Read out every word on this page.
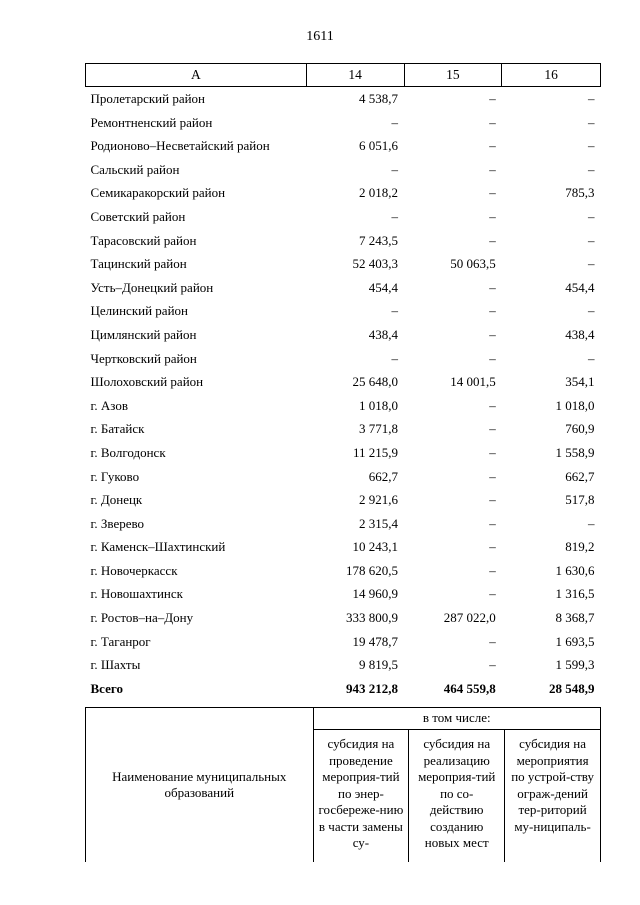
1611
А	14	15	16
Пролетарский район	4 538,7	–	–
Ремонтненский район	–	–	–
Родионово–Несветайский район	6 051,6	–	–
Сальский район	–	–	–
Семикаракорский район	2 018,2	–	785,3
Советский район	–	–	–
Тарасовский район	7 243,5	–	–
Тацинский район	52 403,3	50 063,5	–
Усть–Донецкий район	454,4	–	454,4
Целинский район	–	–	–
Цимлянский район	438,4	–	438,4
Чертковский район	–	–	–
Шолоховский район	25 648,0	14 001,5	354,1
г. Азов	1 018,0	–	1 018,0
г. Батайск	3 771,8	–	760,9
г. Волгодонск	11 215,9	–	1 558,9
г. Гуково	662,7	–	662,7
г. Донецк	2 921,6	–	517,8
г. Зверево	2 315,4	–	–
г. Каменск–Шахтинский	10 243,1	–	819,2
г. Новочеркасск	178 620,5	–	1 630,6
г. Новошахтинск	14 960,9	–	1 316,5
г. Ростов–на–Дону	333 800,9	287 022,0	8 368,7
г. Таганрог	19 478,7	–	1 693,5
г. Шахты	9 819,5	–	1 599,3
Всего	943 212,8	464 559,8	28 548,9
Наименование муниципальных образований	в том числе:		

	субсидия на проведение мероприя-тий по энер-госбереже-нию в части замены су-	субсидия на реализацию мероприя-тий по со-действию созданию новых мест	субсидия на мероприятия по устрой-ству ограж-дений тер-риторий му-ниципаль-
